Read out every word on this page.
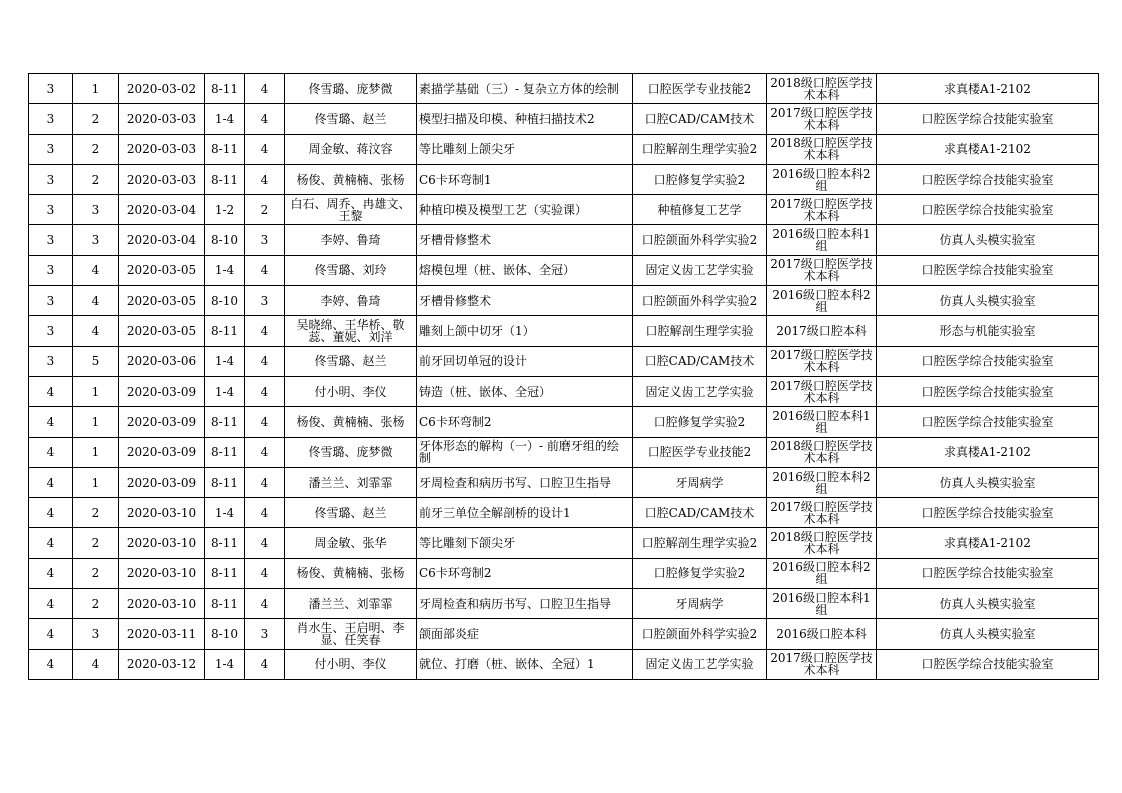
3	1	2020-03-02	8-11	4	佟雪璐、庞梦微	素描学基础（三）- 复杂立方体的绘制	口腔医学专业技能2	2018级口腔医学技术本科	求真楼A1-2102
3	2	2020-03-03	1-4	4	佟雪璐、赵兰	模型扫描及印模、种植扫描技术2	口腔CAD/CAM技术	2017级口腔医学技术本科	口腔医学综合技能实验室
3	2	2020-03-03	8-11	4	周金敏、蒋汶容	等比雕刻上颌尖牙	口腔解剖生理学实验2	2018级口腔医学技术本科	求真楼A1-2102
3	2	2020-03-03	8-11	4	杨俊、黄楠楠、张杨	C6卡环弯制1	口腔修复学实验2	2016级口腔本科2组	口腔医学综合技能实验室
3	3	2020-03-04	1-2	2	白石、周乔、冉雄文、王黎	种植印模及模型工艺（实验课）	种植修复工艺学	2017级口腔医学技术本科	口腔医学综合技能实验室
3	3	2020-03-04	8-10	3	李婷、鲁琦	牙槽骨修整术	口腔颌面外科学实验2	2016级口腔本科1组	仿真人头模实验室
3	4	2020-03-05	1-4	4	佟雪璐、刘玲	熔模包埋（桩、嵌体、全冠）	固定义齿工艺学实验	2017级口腔医学技术本科	口腔医学综合技能实验室
3	4	2020-03-05	8-10	3	李婷、鲁琦	牙槽骨修整术	口腔颌面外科学实验2	2016级口腔本科2组	仿真人头模实验室
3	4	2020-03-05	8-11	4	吴晓绵、王华桥、敬蕊、董妮、刘洋	雕刻上颌中切牙（1）	口腔解剖生理学实验	2017级口腔本科	形态与机能实验室
3	5	2020-03-06	1-4	4	佟雪璐、赵兰	前牙回切单冠的设计	口腔CAD/CAM技术	2017级口腔医学技术本科	口腔医学综合技能实验室
4	1	2020-03-09	1-4	4	付小明、李仪	铸造（桩、嵌体、全冠）	固定义齿工艺学实验	2017级口腔医学技术本科	口腔医学综合技能实验室
4	1	2020-03-09	8-11	4	杨俊、黄楠楠、张杨	C6卡环弯制2	口腔修复学实验2	2016级口腔本科1组	口腔医学综合技能实验室
4	1	2020-03-09	8-11	4	佟雪璐、庞梦微	牙体形态的解构（一）- 前磨牙组的绘制	口腔医学专业技能2	2018级口腔医学技术本科	求真楼A1-2102
4	1	2020-03-09	8-11	4	潘兰兰、刘霏霏	牙周检查和病历书写、口腔卫生指导	牙周病学	2016级口腔本科2组	仿真人头模实验室
4	2	2020-03-10	1-4	4	佟雪璐、赵兰	前牙三单位全解剖桥的设计1	口腔CAD/CAM技术	2017级口腔医学技术本科	口腔医学综合技能实验室
4	2	2020-03-10	8-11	4	周金敏、张华	等比雕刻下颌尖牙	口腔解剖生理学实验2	2018级口腔医学技术本科	求真楼A1-2102
4	2	2020-03-10	8-11	4	杨俊、黄楠楠、张杨	C6卡环弯制2	口腔修复学实验2	2016级口腔本科2组	口腔医学综合技能实验室
4	2	2020-03-10	8-11	4	潘兰兰、刘霏霏	牙周检查和病历书写、口腔卫生指导	牙周病学	2016级口腔本科1组	仿真人头模实验室
4	3	2020-03-11	8-10	3	肖水生、王启明、李显、任笑春	颌面部炎症	口腔颌面外科学实验2	2016级口腔本科	仿真人头模实验室
4	4	2020-03-12	1-4	4	付小明、李仪	就位、打磨（桩、嵌体、全冠）1	固定义齿工艺学实验	2017级口腔医学技术本科	口腔医学综合技能实验室
